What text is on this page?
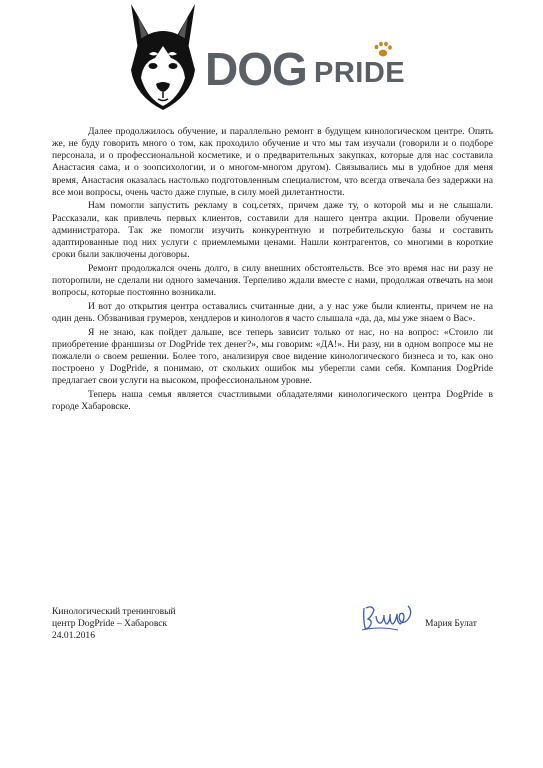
DOG PRIDE

Далее продолжилось обучение, и параллельно ремонт в будущем кинологическом центре. Опять же, не буду говорить много о том, как проходило обучение и что мы там изучали (говорили и о подборе персонала, и о профессиональной косметике, и о предварительных закупках, которые для нас составила Анастасия сама, и о зоопсихологии, и о многом-многом другом). Связывались мы в удобное для меня время, Анастасия оказалась настолько подготовленным специалистом, что всегда отвечала без задержки на все мои вопросы, очень часто даже глупые, в силу моей дилетантности.

Нам помогли запустить рекламу в соц.сетях, причем даже ту, о которой мы и не слышали. Рассказали, как привлечь первых клиентов, составили для нашего центра акции. Провели обучение администратора. Так же помогли изучить конкурентную и потребительскую базы и составить адаптированные под них услуги с приемлемыми ценами. Нашли контрагентов, со многими в короткие сроки были заключены договоры.

Ремонт продолжался очень долго, в силу внешних обстоятельств. Все это время нас ни разу не поторопили, не сделали ни одного замечания. Терпеливо ждали вместе с нами, продолжая отвечать на мои вопросы, которые постоянно возникали.

И вот до открытия центра оставались считанные дни, а у нас уже были клиенты, причем не на один день. Обзванивая грумеров, хендлеров и кинологов я часто слышала «да, да, мы уже знаем о Вас».

Я не знаю, как пойдет дальше, все теперь зависит только от нас, но на вопрос: «Стоило ли приобретение франшизы от DogPride тех денег?», мы говорим: «ДА!». Ни разу, ни в одном вопросе мы не пожалели о своем решении. Более того, анализируя свое видение кинологического бизнеса и то, как оно построено у DogPride, я понимаю, от скольких ошибок мы уберегли сами себя. Компания DogPride предлагает свои услуги на высоком, профессиональном уровне.

Теперь наша семья является счастливыми обладателями кинологического центра DogPride в городе Хабаровске.

Кинологический тренинговый
центр DogPride – Хабаровск
24.01.2016
Мария Булат
